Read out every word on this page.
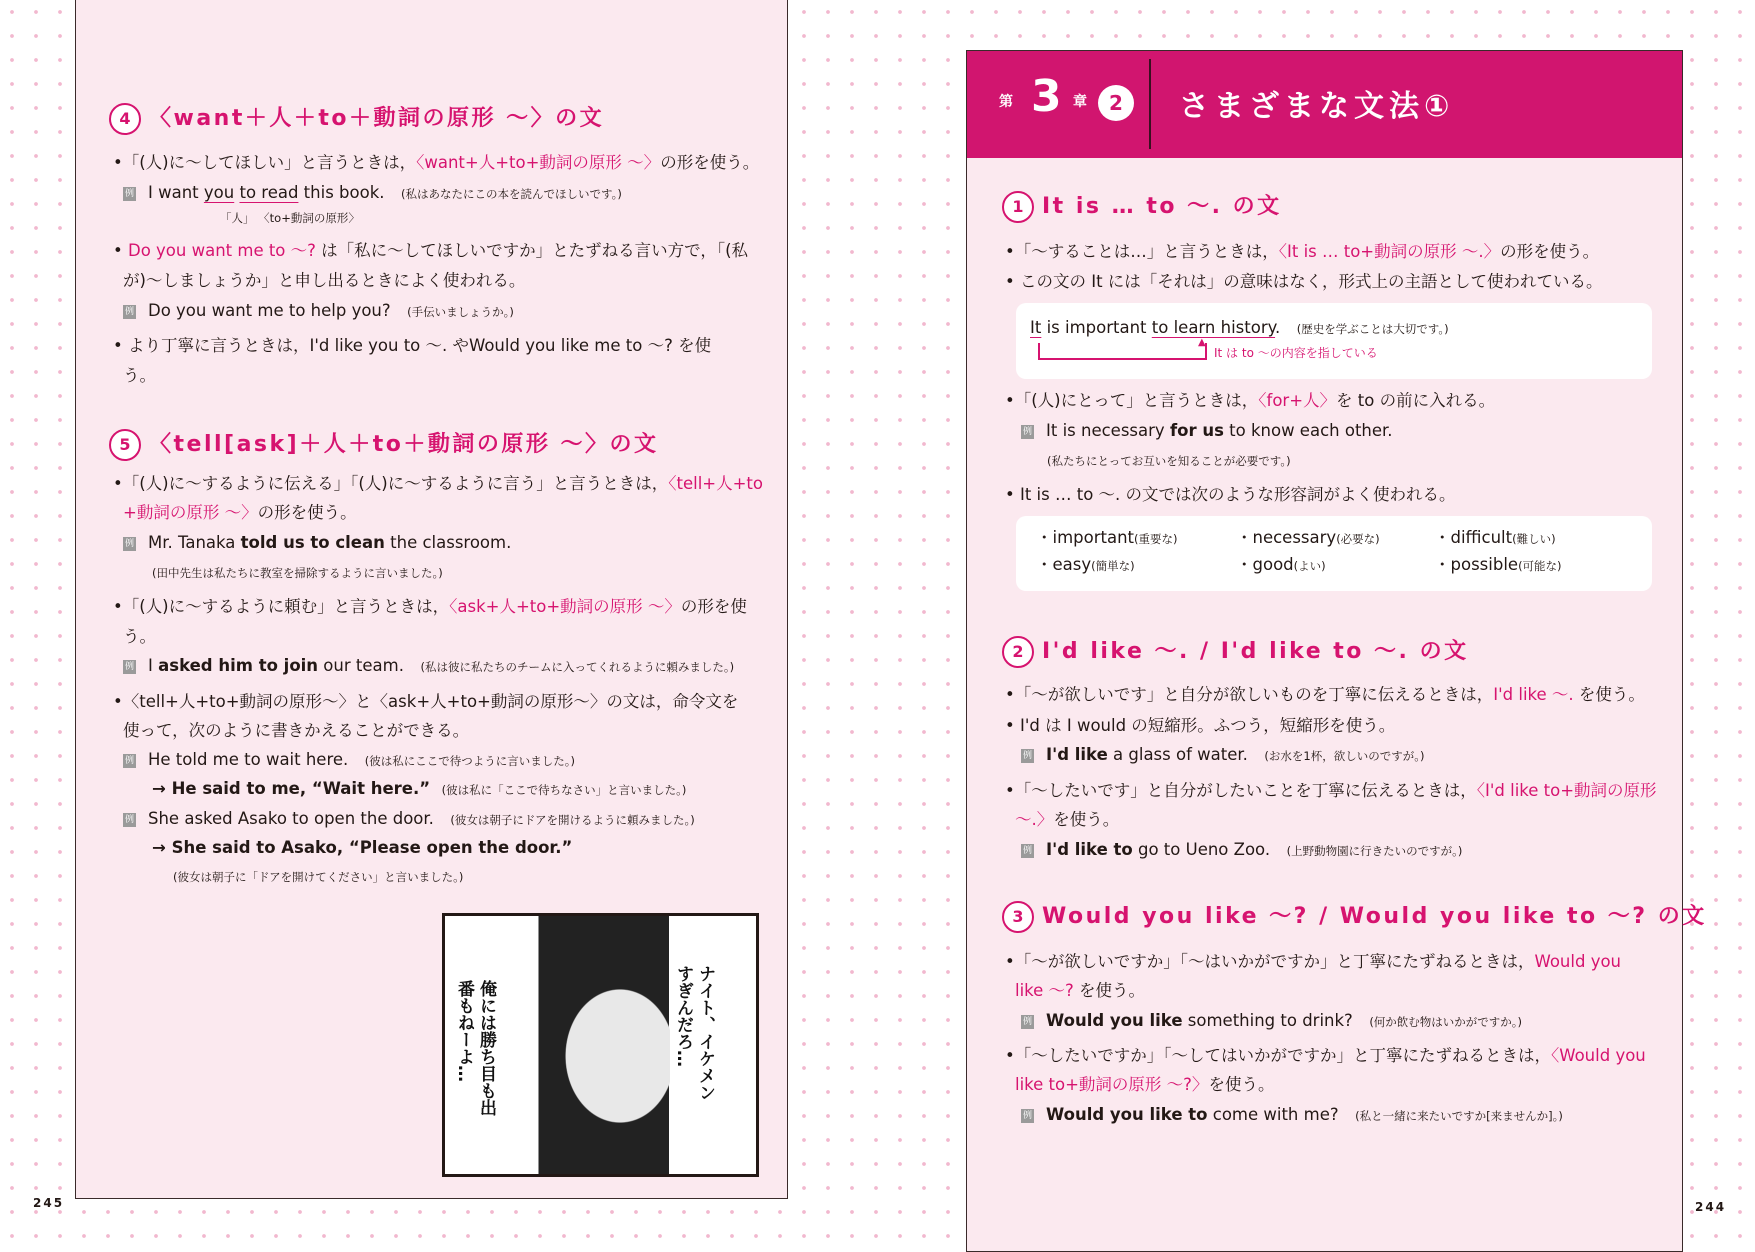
245	244
4 〈want＋人＋to＋動詞の原形 ～〉の文
•「(人)に～してほしい」と言うときは，〈want+人+to+動詞の原形 ～〉の形を使う。
例 I want you to read this book.　(私はあなたにこの本を読んでほしいです。)
「人」 〈to+動詞の原形〉
• Do you want me to ～? は「私に～してほしいですか」とたずねる言い方で，「(私
が)～しましょうか」と申し出るときによく使われる。
例 Do you want me to help you?　(手伝いましょうか。)
• より丁寧に言うときは，I'd like you to ～. やWould you like me to ～? を使
う。
5 〈tell[ask]＋人＋to＋動詞の原形 ～〉の文
•「(人)に～するように伝える」「(人)に～するように言う」と言うときは，〈tell+人+to
+動詞の原形 ～〉の形を使う。
例 Mr. Tanaka told us to clean the classroom.
(田中先生は私たちに教室を掃除するように言いました。)
•「(人)に～するように頼む」と言うときは，〈ask+人+to+動詞の原形 ～〉の形を使
う。
例 I asked him to join our team.　(私は彼に私たちのチームに入ってくれるように頼みました。)
•〈tell+人+to+動詞の原形～〉と〈ask+人+to+動詞の原形～〉の文は，命令文を
使って，次のように書きかえることができる。
例 He told me to wait here.　(彼は私にここで待つように言いました。)
→ He said to me, “Wait here.”　(彼は私に「ここで待ちなさい」と言いました。)
例 She asked Asako to open the door.　(彼女は朝子にドアを開けるように頼みました。)
→ She said to Asako, “Please open the door.”
(彼女は朝子に「ドアを開けてください」と言いました。)
ナイト、イケメンすぎんだろ…
俺には勝ち目も出番もねーよ…
第 3 章	2	さまざまな文法①
1 It is … to ～. の文
•「～することは…」と言うときは，〈It is … to+動詞の原形 ～.〉の形を使う。
• この文の It には「それは」の意味はなく，形式上の主語として使われている。
It is important to learn history.　(歴史を学ぶことは大切です。)
▲
It は to ～の内容を指している
•「(人)にとって」と言うときは，〈for+人〉を to の前に入れる。
例 It is necessary for us to know each other.
(私たちにとってお互いを知ることが必要です。)
• It is … to ～. の文では次のような形容詞がよく使われる。
・important(重要な)	・necessary(必要な)	・difficult(難しい)
・easy(簡単な)	・good(よい)	・possible(可能な)
2 I'd like ～. / I'd like to ～. の文
•「～が欲しいです」と自分が欲しいものを丁寧に伝えるときは，I'd like ～. を使う。
• I'd は I would の短縮形。ふつう，短縮形を使う。
例 I'd like a glass of water.　(お水を1杯，欲しいのですが。)
•「～したいです」と自分がしたいことを丁寧に伝えるときは，〈I'd like to+動詞の原形
～.〉を使う。
例 I'd like to go to Ueno Zoo.　(上野動物園に行きたいのですが。)
3 Would you like ～? / Would you like to ～? の文
•「～が欲しいですか」「～はいかがですか」と丁寧にたずねるときは，Would you
like ～? を使う。
例 Would you like something to drink?　(何か飲む物はいかがですか。)
•「～したいですか」「～してはいかがですか」と丁寧にたずねるときは，〈Would you
like to+動詞の原形 ～?〉を使う。
例 Would you like to come with me?　(私と一緒に来たいですか[来ませんか]。)
